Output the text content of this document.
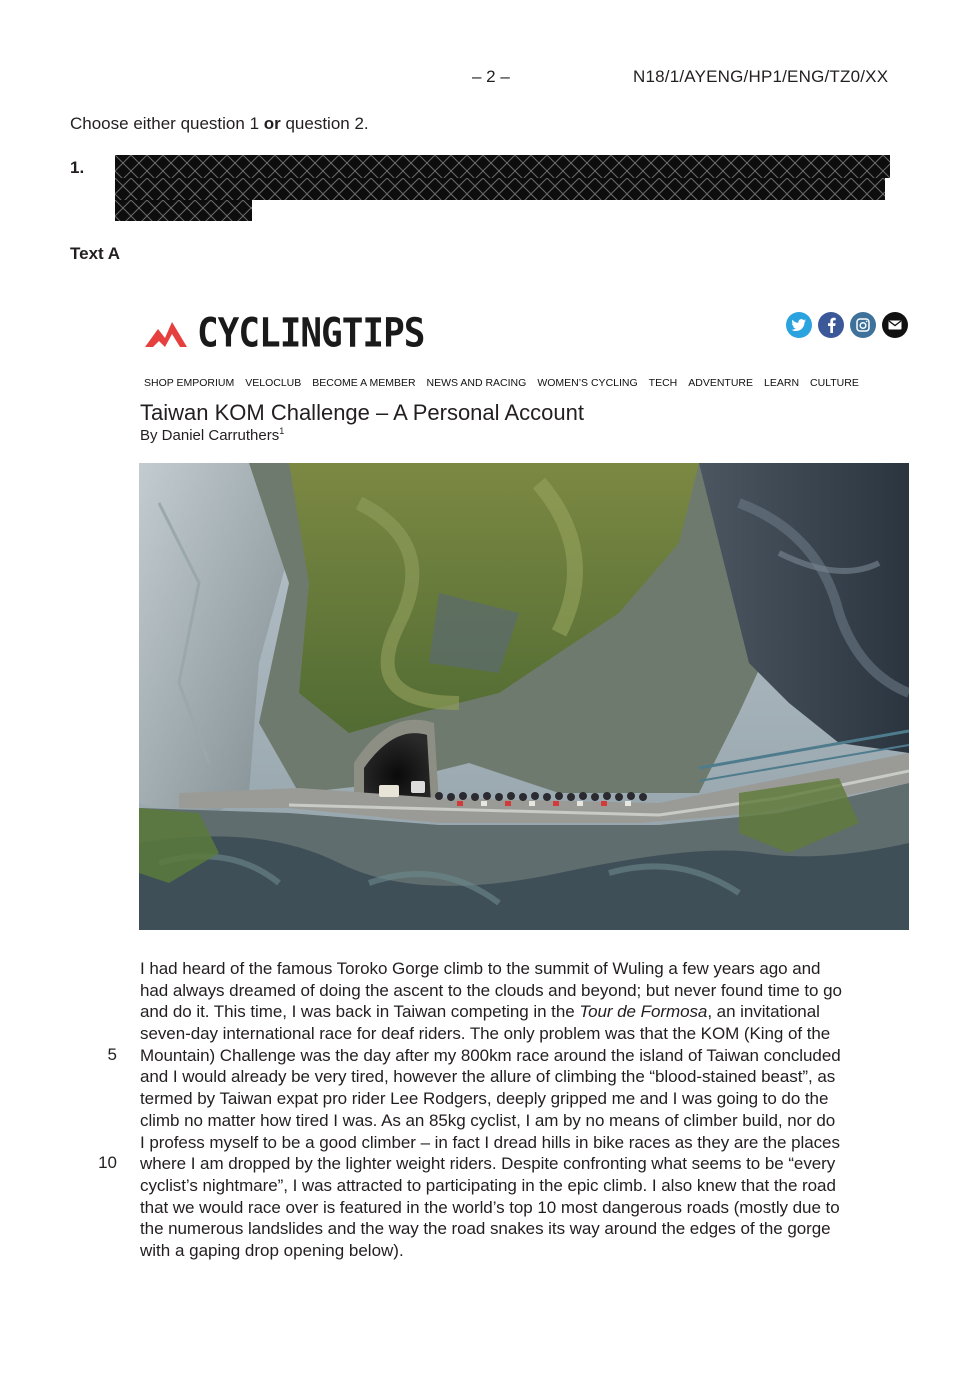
– 2 –	N18/1/AYENG/HP1/ENG/TZ0/XX
Choose either question 1 or question 2.
1.
Text A
CYCLINGTIPS
SHOP EMPORIUM VELOCLUB BECOME A MEMBER NEWS AND RACING WOMEN’S CYCLING TECH ADVENTURE LEARN CULTURE
Taiwan KOM Challenge – A Personal Account
By Daniel Carruthers$^1$
5
10
I had heard of the famous Toroko Gorge climb to the summit of Wuling a few years ago and
had always dreamed of doing the ascent to the clouds and beyond; but never found time to go
and do it. This time, I was back in Taiwan competing in the Tour de Formosa, an invitational
seven-day international race for deaf riders. The only problem was that the KOM (King of the
Mountain) Challenge was the day after my 800km race around the island of Taiwan concluded
and I would already be very tired, however the allure of climbing the “blood-stained beast”, as
termed by Taiwan expat pro rider Lee Rodgers, deeply gripped me and I was going to do the
climb no matter how tired I was. As an 85kg cyclist, I am by no means of climber build, nor do
I profess myself to be a good climber – in fact I dread hills in bike races as they are the places
where I am dropped by the lighter weight riders. Despite confronting what seems to be “every
cyclist’s nightmare”, I was attracted to participating in the epic climb. I also knew that the road
that we would race over is featured in the world’s top 10 most dangerous roads (mostly due to
the numerous landslides and the way the road snakes its way around the edges of the gorge
with a gaping drop opening below).
